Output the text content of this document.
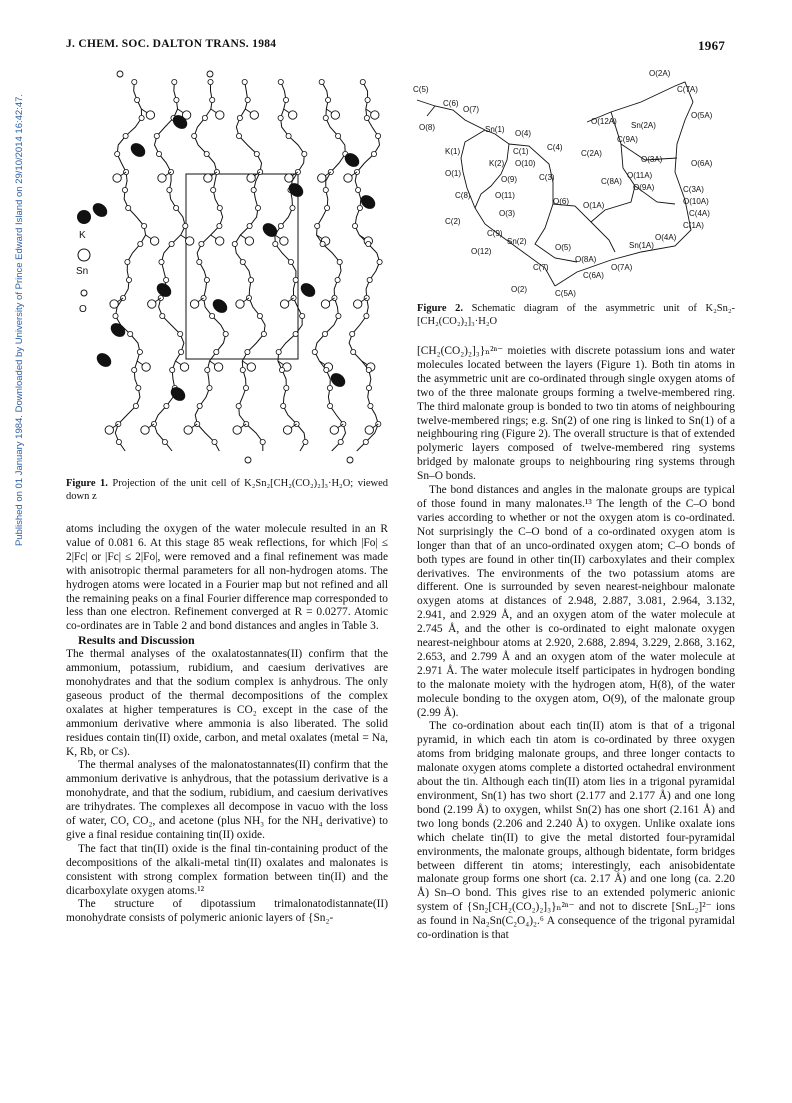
J. CHEM. SOC. DALTON TRANS. 1984	1967
Published on 01 January 1984. Downloaded by University of Prince Edward Island on 29/10/2014 16:42:47.	K
Sn
O
Figure 1. Projection of the unit cell of K₂Sn₂[CH₂(CO₂)₂]₃·H₂O; viewed down z
C(5)
C(6)
O(7)
O(8)	Sn(1) O(4)
K(1)	C(1) C(4)
K(2) O(10)
O(1)
O(9)	C(3)
C(8)	O(11)
O(6)
O(3)
C(2)
C(9)
Sn(2)
O(12)	O(5)
O(8A)
C(7)
C(6A)
O(7A)
O(2)	C(5A)
O(2A)
C(7A)
O(5A)
O(12A) Sn(2A)
C(9A)
C(2A)
O(3A)	O(6A)
C(8A)
O(11A)
O(9A)	C(3A)
O(1A)	O(10A)
C(4A)
C(1A)
O(4A)
Sn(1A)
Figure 2. Schematic diagram of the asymmetric unit of K₂Sn₂-[CH₂(CO₂)₂]₃·H₂O

atoms including the oxygen of the water molecule resulted in an R value of 0.081 6. At this stage 85 weak reflections, for which |Fo| ≤ 2|Fc| or |Fc| ≤ 2|Fo|, were removed and a final refinement was made with anisotropic thermal parameters for all non-hydrogen atoms. The hydrogen atoms were located in a Fourier map but not refined and all the remaining peaks on a final Fourier difference map corresponded to less than one electron. Refinement converged at R = 0.0277. Atomic co-ordinates are in Table 2 and bond distances and angles in Table 3.

Results and Discussion

The thermal analyses of the oxalatostannates(II) confirm that the ammonium, potassium, rubidium, and caesium derivatives are monohydrates and that the sodium complex is anhydrous. The only gaseous product of the thermal decompositions of the complex oxalates at higher temperatures is CO₂ except in the case of the ammonium derivative where ammonia is also liberated. The solid residues contain tin(II) oxide, carbon, and metal oxalates (metal = Na, K, Rb, or Cs).

The thermal analyses of the malonatostannates(II) confirm that the ammonium derivative is anhydrous, that the potassium derivative is a monohydrate, and that the sodium, rubidium, and caesium derivatives are trihydrates. The complexes all decompose in vacuo with the loss of water, CO, CO₂, and acetone (plus NH₃ for the NH₄ derivative) to give a final residue containing tin(II) oxide.

The fact that tin(II) oxide is the final tin-containing product of the decompositions of the alkali-metal tin(II) oxalates and malonates is consistent with strong complex formation between tin(II) and the dicarboxylate oxygen atoms.¹²

The structure of dipotassium trimalonatodistannate(II) monohydrate consists of polymeric anionic layers of {Sn₂-

[CH₂(CO₂)₂]₃}ₙ²ⁿ⁻ moieties with discrete potassium ions and water molecules located between the layers (Figure 1). Both tin atoms in the asymmetric unit are co-ordinated through single oxygen atoms of two of the three malonate groups forming a twelve-membered ring. The third malonate group is bonded to two tin atoms of neighbouring twelve-membered rings; e.g. Sn(2) of one ring is linked to Sn(1) of a neighbouring ring (Figure 2). The overall structure is that of extended polymeric layers composed of twelve-membered ring systems bridged by malonate groups to neighbouring ring systems through Sn–O bonds.

The bond distances and angles in the malonate groups are typical of those found in many malonates.¹³ The length of the C–O bond varies according to whether or not the oxygen atom is co-ordinated. Not surprisingly the C–O bond of a co-ordinated oxygen atom is longer than that of an unco-ordinated oxygen atom; C–O bonds of both types are found in other tin(II) carboxylates and their complex derivatives. The environments of the two potassium atoms are different. One is surrounded by seven nearest-neighbour malonate oxygen atoms at distances of 2.948, 2.887, 3.081, 2.964, 3.132, 2.941, and 2.929 Å, and an oxygen atom of the water molecule at 2.745 Å, and the other is co-ordinated to eight malonate oxygen nearest-neighbour atoms at 2.920, 2.688, 2.894, 3.229, 2.868, 3.162, 2.653, and 2.799 Å and an oxygen atom of the water molecule at 2.971 Å. The water molecule itself participates in hydrogen bonding to the malonate moiety with the hydrogen atom, H(8), of the water molecule bonding to the oxygen atom, O(9), of the malonate group (2.99 Å).

The co-ordination about each tin(II) atom is that of a trigonal pyramid, in which each tin atom is co-ordinated by three oxygen atoms from bridging malonate groups, and three longer contacts to malonate oxygen atoms complete a distorted octahedral environment about the tin. Although each tin(II) atom lies in a trigonal pyramidal environment, Sn(1) has two short (2.177 and 2.177 Å) and one long bond (2.199 Å) to oxygen, whilst Sn(2) has one short (2.161 Å) and two long bonds (2.206 and 2.240 Å) to oxygen. Unlike oxalate ions which chelate tin(II) to give the metal distorted four-pyramidal environments, the malonate groups, although bidentate, form bridges between different tin atoms; interestingly, each anisobidentate malonate group forms one short (ca. 2.17 Å) and one long (ca. 2.20 Å) Sn–O bond. This gives rise to an extended polymeric anionic system of {Sn₂[CH₂(CO₂)₂]₃}ₙ²ⁿ⁻ and not to discrete [SnL₂]²⁻ ions as found in Na₂Sn(C₂O₄)₂.⁶ A consequence of the trigonal pyramidal co-ordination is that
